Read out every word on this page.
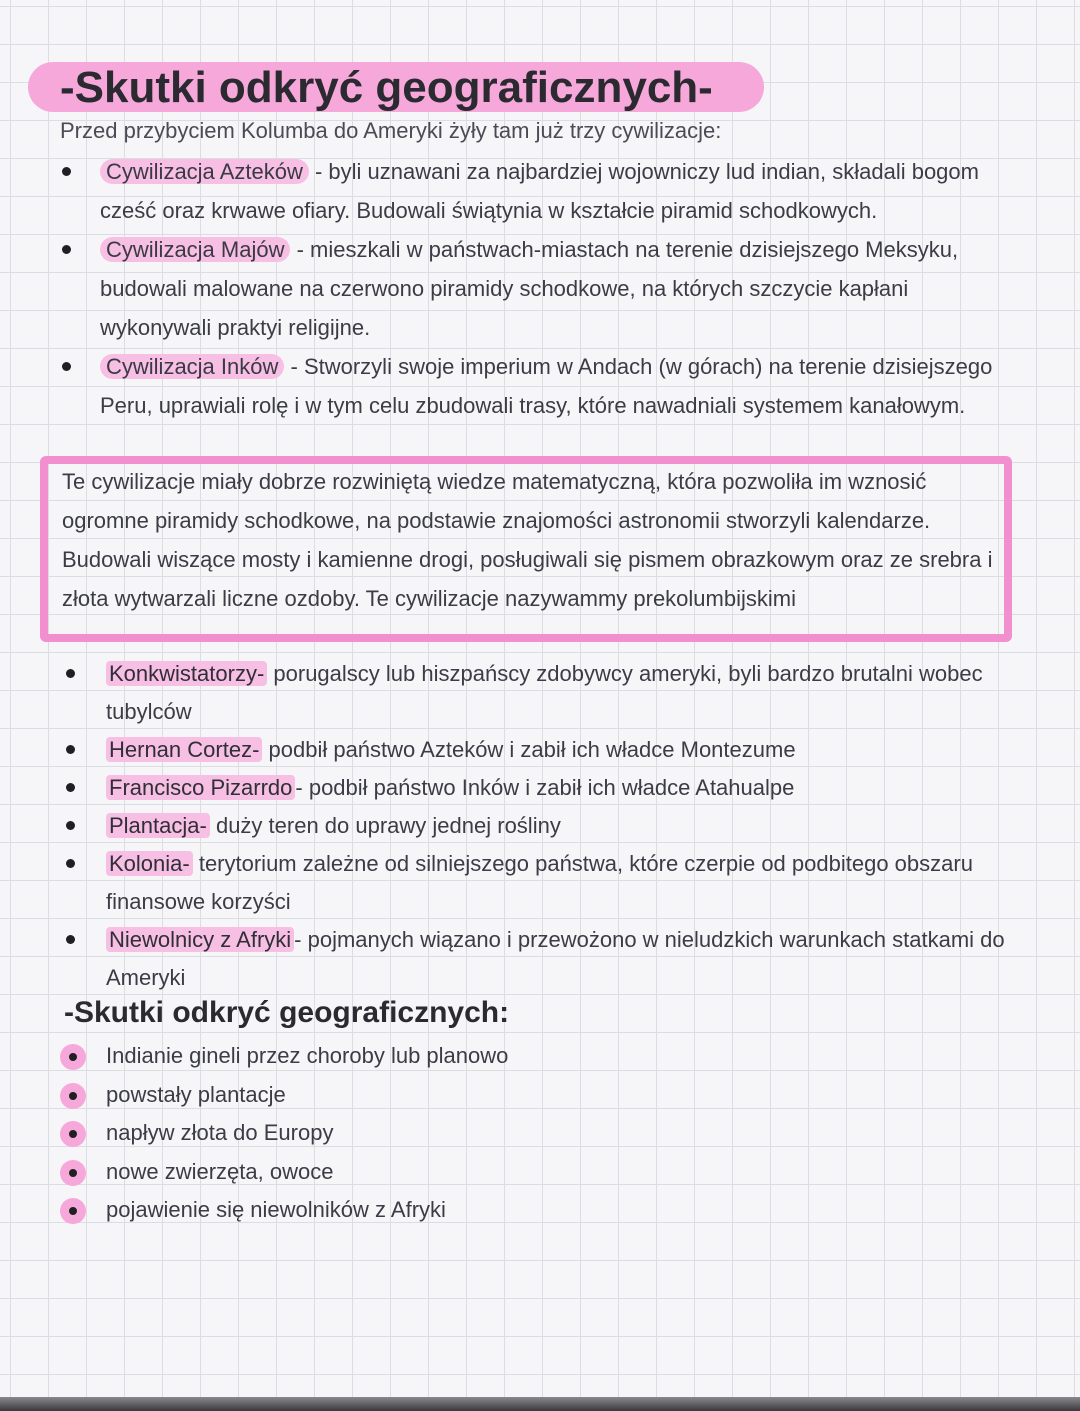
-Skutki odkryć geograficznych-
Przed przybyciem Kolumba do Ameryki żyły tam już trzy cywilizacje:
Cywilizacja Azteków - byli uznawani za najbardziej wojowniczy lud indian, składali bogom cześć oraz krwawe ofiary. Budowali świątynia w kształcie piramid schodkowych.
Cywilizacja Majów - mieszkali w państwach-miastach na terenie dzisiejszego Meksyku, budowali malowane na czerwono piramidy schodkowe, na których szczycie kapłani wykonywali praktyi religijne.
Cywilizacja Inków - Stworzyli swoje imperium w Andach (w górach) na terenie dzisiejszego Peru, uprawiali rolę i w tym celu zbudowali trasy, które nawadniali systemem kanałowym.
Te cywilizacje miały dobrze rozwiniętą wiedze matematyczną, która pozwoliła im wznosić ogromne piramidy schodkowe, na podstawie znajomości astronomii stworzyli kalendarze. Budowali wiszące mosty i kamienne drogi, posługiwali się pismem obrazkowym oraz ze srebra i złota wytwarzali liczne ozdoby. Te cywilizacje nazywammy prekolumbijskimi
Konkwistatorzy- porugalscy lub hiszpańscy zdobywcy ameryki, byli bardzo brutalni wobec tubylców
Hernan Cortez- podbił państwo Azteków i zabił ich władce Montezume
Francisco Pizarrdo - podbił państwo Inków i zabił ich władce Atahualpe
Plantacja- duży teren do uprawy jednej rośliny
Kolonia- terytorium zależne od silniejszego państwa, które czerpie od podbitego obszaru finansowe korzyści
Niewolnicy z Afryki - pojmanych wiązano i przewożono w nieludzkich warunkach statkami do Ameryki
-Skutki odkryć geograficznych:
Indianie gineli przez choroby lub planowo
powstały plantacje
napływ złota do Europy
nowe zwierzęta, owoce
pojawienie się niewolników z Afryki
